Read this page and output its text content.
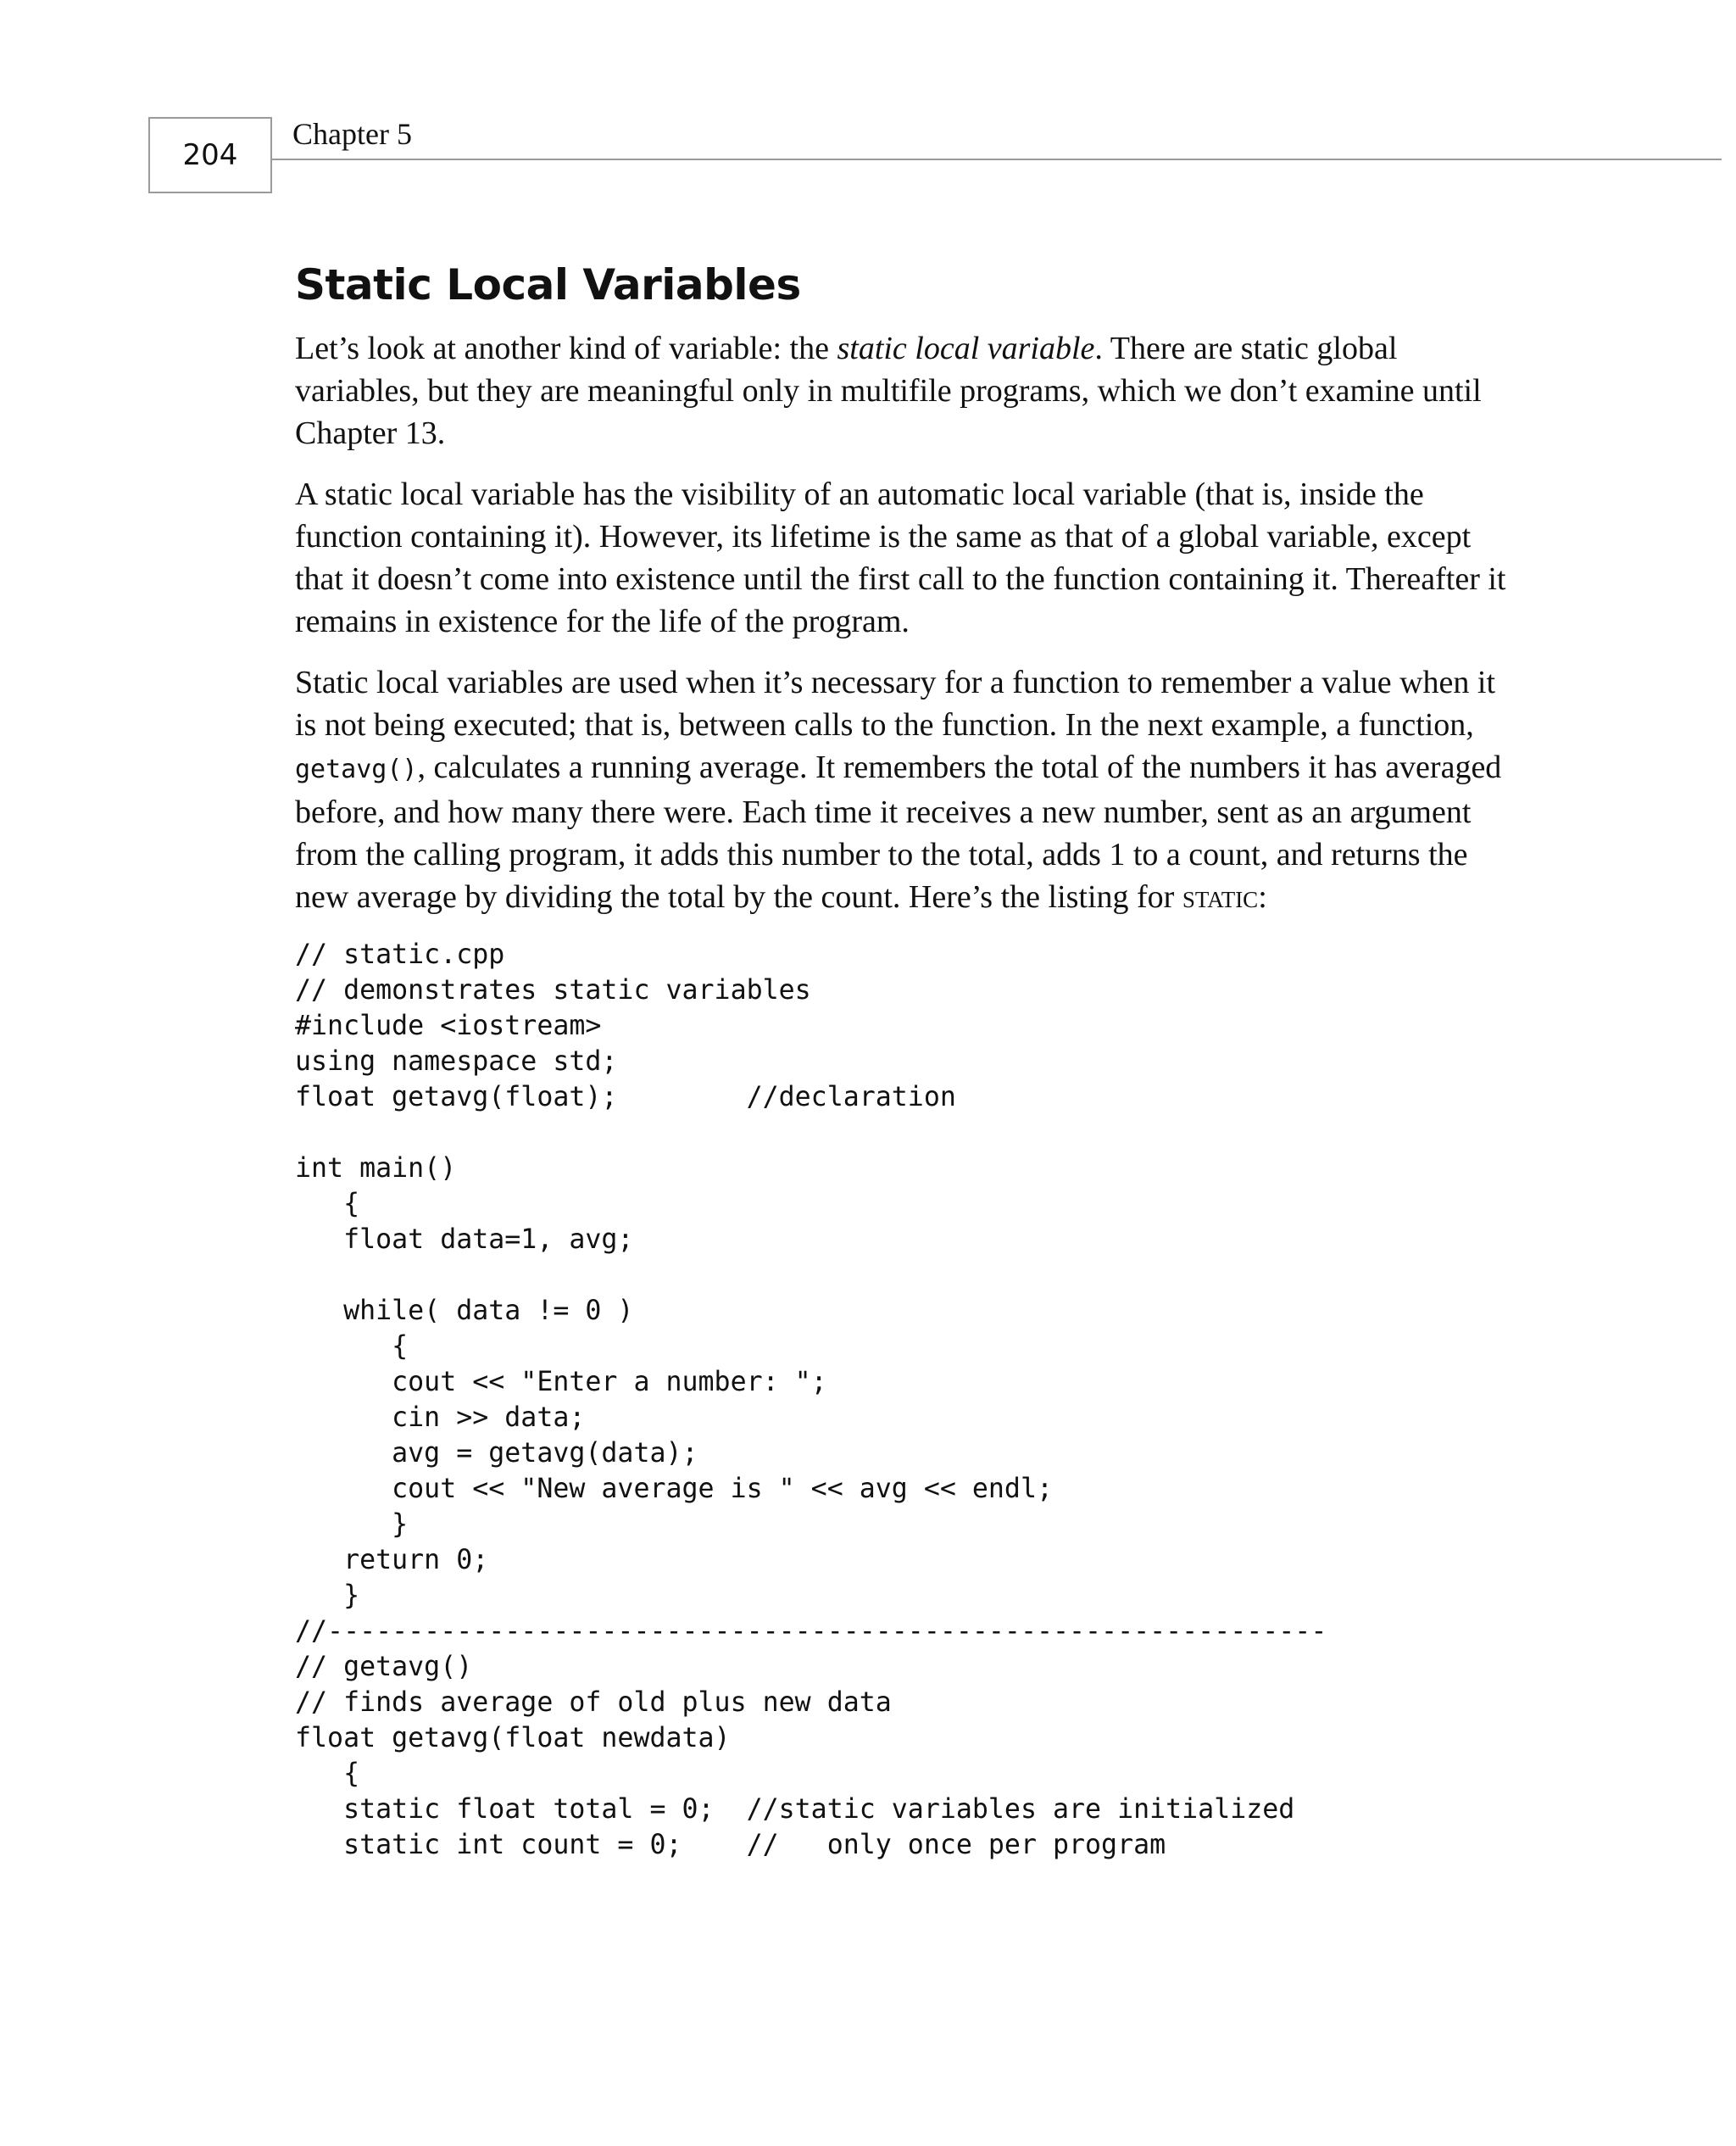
204
Chapter 5
Static Local Variables

Let’s look at another kind of variable: the static local variable. There are static global variables, but they are meaningful only in multifile programs, which we don’t examine until Chapter 13.

A static local variable has the visibility of an automatic local variable (that is, inside the function containing it). However, its lifetime is the same as that of a global variable, except that it doesn’t come into existence until the first call to the function containing it. Thereafter it remains in existence for the life of the program.

Static local variables are used when it’s necessary for a function to remember a value when it is not being executed; that is, between calls to the function. In the next example, a function, getavg(), calculates a running average. It remembers the total of the numbers it has averaged before, and how many there were. Each time it receives a new number, sent as an argument from the calling program, it adds this number to the total, adds 1 to a count, and returns the new average by dividing the total by the count. Here’s the listing for static:

// static.cpp
// demonstrates static variables
#include <iostream>
using namespace std;
float getavg(float);        //declaration

int main()
{
float data=1, avg;

while( data != 0 )
{
cout << "Enter a number: ";
cin >> data;
avg = getavg(data);
cout << "New average is " << avg << endl;
}
return 0;
}
//--------------------------------------------------------------
// getavg()
// finds average of old plus new data
float getavg(float newdata)
{
static float total = 0;  //static variables are initialized
static int count = 0;    //   only once per program
